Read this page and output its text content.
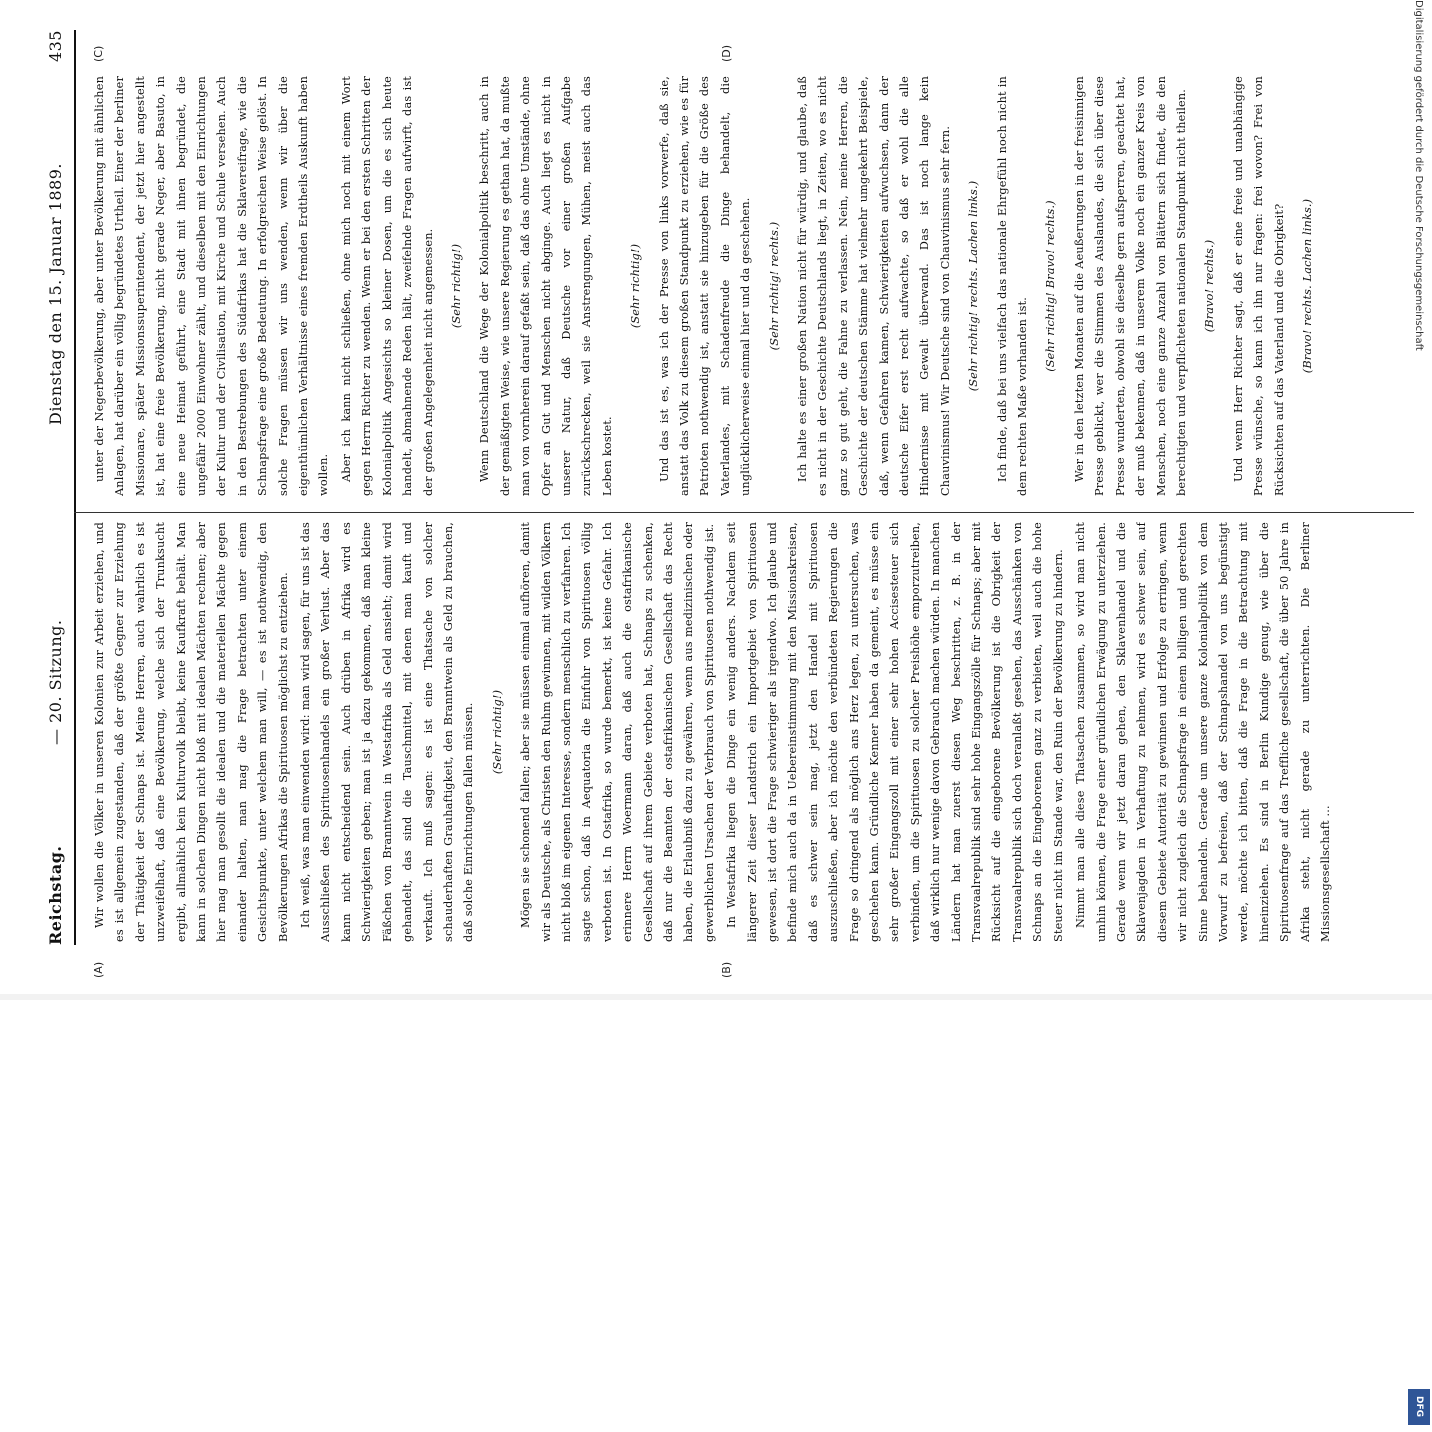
Reichstag.
— 20. Sitzung.
Dienstag den 15. Januar 1889.
435
(A)	(B)
(C)	(D)

Wir wollen die Völker in unseren Kolonien zur Arbeit erziehen, und es ist allgemein zugestanden, daß der größte Gegner zur Erziehung der Thätigkeit der Schnaps ist. Meine Herren, auch wahrlich es ist unzweifelhaft, daß eine Bevölkerung, welche sich der Trunksucht ergibt, allmählich kein Kulturvolk bleibt, keine Kaufkraft behält. Man kann in solchen Dingen nicht bloß mit idealen Mächten rechnen; aber hier mag man gesollt die idealen und die materiellen Mächte gegen einander halten, man mag die Frage betrachten unter einem Gesichtspunkte, unter welchem man will, — es ist nothwendig, den Bevölkerungen Afrikas die Spirituosen möglichst zu entziehen. Ich weiß, was man einwenden wird: man wird sagen, für uns ist das Ausschließen des Spirituosenhandels ein großer Verlust. Aber das kann nicht entscheidend sein. Auch drüben in Afrika wird es Schwierigkeiten geben; man ist ja dazu gekommen, daß man kleine Fäßchen von Branntwein in Westafrika als Geld ansieht; damit wird gehandelt, das sind die Tauschmittel, mit denen man kauft und verkauft. Ich muß sagen: es ist eine Thatsache von solcher schauderhaften Grauhaftigkeit, den Branntwein als Geld zu brauchen, daß solche Einrichtungen fallen müssen.	(Sehr richtig!)	Mögen sie schonend fallen; aber sie müssen einmal aufhören, damit wir als Deutsche, als Christen den Ruhm gewinnen, mit wilden Völkern nicht bloß im eigenen Interesse, sondern menschlich zu verfahren. Ich sagte schon, daß in Aequatoria die Einfuhr von Spirituosen völlig verboten ist. In Ostafrika, so wurde bemerkt, ist keine Gefahr. Ich erinnere Herrn Woermann daran, daß auch die ostafrikanische Gesellschaft auf ihrem Gebiete verboten hat, Schnaps zu schenken, daß nur die Beamten der ostafrikanischen Gesellschaft das Recht haben, die Erlaubniß dazu zu gewähren, wenn aus medizinischen oder gewerblichen Ursachen der Verbrauch von Spirituosen nothwendig ist. In Westafrika liegen die Dinge ein wenig anders. Nachdem seit längerer Zeit dieser Landstrich ein Importgebiet von Spirituosen gewesen, ist dort die Frage schwieriger als irgendwo. Ich glaube und befinde mich auch da in Uebereinstimmung mit den Missionskreisen, daß es schwer sein mag, jetzt den Handel mit Spirituosen auszuschließen, aber ich möchte den verbündeten Regierungen die Frage so dringend als möglich ans Herz legen, zu untersuchen, was geschehen kann. Gründliche Kenner haben da gemeint, es müsse ein sehr großer Eingangszoll mit einer sehr hohen Accisesteuer sich verbinden, um die Spirituosen zu solcher Preishöhe emporzutreiben, daß wirklich nur wenige davon Gebrauch machen würden. In manchen Ländern hat man zuerst diesen Weg beschritten, z. B. in der Transvaalrepublik sind sehr hohe Eingangszölle für Schnaps; aber mit Rücksicht auf die eingeborene Bevölkerung ist die Obrigkeit der Transvaalrepublik sich doch veranlaßt gesehen, das Ausschänken von Schnaps an die Eingeborenen ganz zu verbieten, weil auch die hohe Steuer nicht im Stande war, den Ruin der Bevölkerung zu hindern. Nimmt man alle diese Thatsachen zusammen, so wird man nicht umhin können, die Frage einer gründlichen Erwägung zu unterziehen. Gerade wenn wir jetzt daran gehen, den Sklavenhandel und die Sklavenjagden in Verhaftung zu nehmen, wird es schwer sein, auf diesem Gebiete Autorität zu gewinnen und Erfolge zu erringen, wenn wir nicht zugleich die Schnapsfrage in einem billigen und gerechten Sinne behandeln. Gerade um unsere ganze Kolonialpolitik von dem Vorwurf zu befreien, daß der Schnapshandel von uns begünstigt werde, möchte ich bitten, daß die Frage in die Betrachtung mit hineinziehen. Es sind in Berlin Kundige genug, wie über die Spirituosenfrage auf das Treffliche gesellschaft, die über 50 Jahre in Afrika steht, nicht gerade zu unterrichten. Die Berliner Missionsgesellschaft ...

unter der Negerbevölkerung, aber unter Bevölkerung mit ähnlichen Anlagen, hat darüber ein völlig begründetes Urtheil. Einer der berliner Missionare, später Missionssuperintendent, der jetzt hier angestellt ist, hat eine freie Bevölkerung, nicht gerade Neger, aber Basuto, in eine neue Heimat geführt, eine Stadt mit ihnen begründet, die ungefähr 2000 Einwohner zählt, und dieselben mit den Einrichtungen der Kultur und der Civilisation, mit Kirche und Schule versehen. Auch in den Bestrebungen des Südafrikas hat die Sklavereifrage, wie die Schnapsfrage eine große Bedeutung. In erfolgreichen Weise gelöst. In solche Fragen müssen wir uns wenden, wenn wir über die eigenthümlichen Verhältnisse eines fremden Erdtheils Auskunft haben wollen. Aber ich kann nicht schließen, ohne mich noch mit einem Wort gegen Herrn Richter zu wenden. Wenn er bei den ersten Schritten der Kolonialpolitik Angesichts so kleiner Dosen, um die es sich heute handelt, abmahnende Reden hält, zweifelnde Fragen aufwirft, das ist der großen Angelegenheit nicht angemessen.	(Sehr richtig!)	Wenn Deutschland die Wege der Kolonialpolitik beschritt, auch in der gemäßigten Weise, wie unsere Regierung es gethan hat, da mußte man von vornherein darauf gefaßt sein, daß das ohne Umstände, ohne Opfer an Gut und Menschen nicht abginge. Auch liegt es nicht in unserer Natur, daß Deutsche vor einer großen Aufgabe zurückschrecken, weil sie Anstrengungen, Mühen, meist auch das Leben kostet.

(Sehr richtig!)	Und das ist es, was ich der Presse von links vorwerfe, daß sie, anstatt das Volk zu diesem großen Standpunkt zu erziehen, wie es für Patrioten nothwendig ist, anstatt sie hinzugeben für die Größe des Vaterlandes, mit Schadenfreude die Dinge behandelt, die unglücklicherweise einmal hier und da geschehen.	(Sehr richtig! rechts.)	Ich halte es einer großen Nation nicht für würdig, und glaube, daß es nicht in der Geschichte Deutschlands liegt, in Zeiten, wo es nicht ganz so gut geht, die Fahne zu verlassen. Nein, meine Herren, die Geschichte der deutschen Stämme hat vielmehr umgekehrt Beispiele, daß, wenn Gefahren kamen, Schwierigkeiten aufwuchsen, dann der deutsche Eifer erst recht aufwachte, so daß er wohl die alle Hindernisse mit Gewalt überwand. Das ist noch lange kein Chauvinismus! Wir Deutsche sind von Chauvinismus sehr fern.	(Sehr richtig! rechts. Lachen links.)	Ich finde, daß bei uns vielfach das nationale Ehrgefühl noch nicht in dem rechten Maße vorhanden ist.

(Sehr richtig! Bravo! rechts.)	Wer in den letzten Monaten auf die Aeußerungen in der freisinnigen Presse geblickt, wer die Stimmen des Auslandes, die sich über diese Presse wunderten, obwohl sie dieselbe gern aufsperren, geachtet hat, der muß bekennen, daß in unserem Volke noch ein ganzer Kreis von Menschen, noch eine ganze Anzahl von Blättern sich findet, die den berechtigten und verpflichteten nationalen Standpunkt nicht theilen.	(Bravo! rechts.)	Und wenn Herr Richter sagt, daß er eine freie und unabhängige Presse wünsche, so kann ich ihn nur fragen: frei wovon? Frei von Rücksichten auf das Vaterland und die Obrigkeit?	(Bravo! rechts. Lachen links.)	Digitalisierung gefördert durch die Deutsche Forschungsgemeinschaft
DFG
